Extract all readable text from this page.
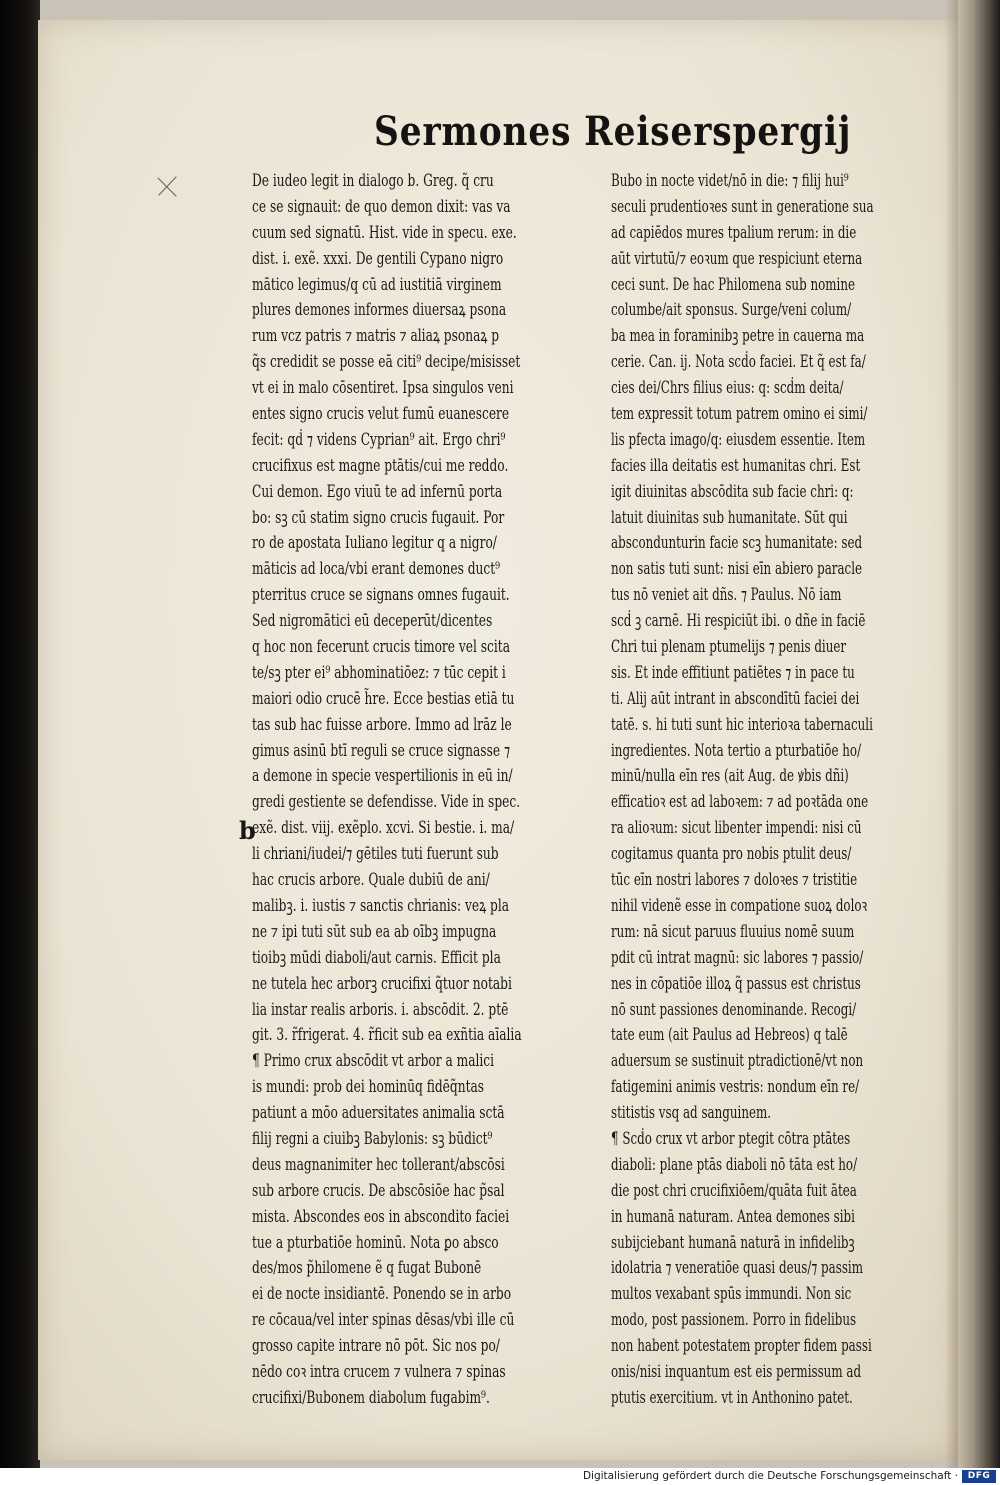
Sermones Reiserspergij
b
De iudeo legit in dialogo b. Greg. q̃ cru
ce se signauit: de quo demon dixit: vas va
cuum sed signatū. Hist. vide in specu. exe.
dist. i. exẽ. xxxi. De gentili Cypano nigro
mātico legimus/q cū ad iustitiā virginem
plures demones informes diuersaꝝ psona
rum vcz patris ⁊ matris ⁊ aliaꝝ psonaꝝ p
q̃s credidit se posse eā citi⁹ decipe/misisset
vt ei in malo cōsentiret. Ipsa singulos veni
entes signo crucis velut fumū euanescere
fecit: qḋ ⁊ videns Cyprian⁹ ait. Ergo chri⁹
crucifixus est magne ptātis/cui me reddo.
Cui demon. Ego viuū te ad infernū porta
bo: sꝫ cū statim signo crucis fugauit. Por
ro de apostata Iuliano legitur q a nigro/
māticis ad loca/vbi erant demones duct⁹
pterritus cruce se signans omnes fugauit.
Sed nigromātici eū deceperūt/dicentes
q hoc non fecerunt crucis timore vel scita
te/sꝫ pter ei⁹ abhominatiōez: ⁊ tūc cepit i
maiori odio crucē h̃re. Ecce bestias etiā tu
tas sub hac fuisse arbore. Immo ad lrāz le
gimus asinū btī reguli se cruce signasse ⁊
a demone in specie vespertilionis in eū in/
gredi gestiente se defendisse. Vide in spec.
exẽ. dist. viij. exẽplo. xcvi. Si bestie. i. ma/
li chriani/iudei/⁊ gētiles tuti fuerunt sub
hac crucis arbore. Quale dubiū de ani/
malibꝫ. i. iustis ⁊ sanctis chrianis: veꝝ pla
ne ⁊ ipi tuti sūt sub ea ab oībꝫ impugna
tioibꝫ mūdi diaboli/aut carnis. Efficit pla
ne tutela hec arborꝫ crucifixi q̃tuor notabi
lia instar realis arboris. i. abscōdit. 2. ptē
git. 3. r̃frigerat. 4. r̃ficit sub ea exñtia aīalia
¶ Primo crux abscōdit vt arbor a malici
is mundi: prob dei hominūq fidēq̃ntas
patiunt a mōo aduersitates animalia sctā
filij regni a ciuibꝫ Babylonis: sꝫ būdict⁹
deus magnanimiter hec tollerant/abscōsi
sub arbore crucis. De abscōsiōe hac p̃sal
mista. Abscondes eos in abscondito faciei
tue a pturbatiōe hominū. Nota ꝑo absco
des/mos p̃hilomene ẽ q fugat Bubonē
ei de nocte insidiantē. Ponendo se in arbo
re cōcaua/vel inter spinas dēsas/vbi ille cū
grosso capite intrare nō pōt. Sic nos po/
nēdo coꝛ intra crucem ⁊ vulnera ⁊ spinas
crucifixi/Bubonem diabolum fugabim⁹.
Bubo in nocte videt/nō in die: ⁊ filij hui⁹
seculi prudentioꝛes sunt in generatione sua
ad capiēdos mures tpalium rerum: in die
aūt virtutū/⁊ eoꝛum que respiciunt eterna
ceci sunt. De hac Philomena sub nomine
columbe/ait sponsus. Surge/veni colum/
ba mea in foraminibꝫ petre in cauerna ma
cerie. Can. ij. Nota scḋo faciei. Et q̃ est fa/
cies dei/Chrs filius eius: q: scḋm deita/
tem expressit totum patrem omino ei simi/
lis pfecta imago/q: eiusdem essentie. Item
facies illa deitatis est humanitas chri. Est
igit diuinitas abscōdita sub facie chri: q:
latuit diuinitas sub humanitate. Sūt qui
abscondunturin facie scꝫ humanitate: sed
non satis tuti sunt: nisi eīn abiero paracle
tus nō veniet ait dñs. ⁊ Paulus. Nō iam
scḋ ꝫ carnē. Hi respiciūt ibi. o dñe in faciē
Chri tui plenam ptumelijs ⁊ penis diuer
sis. Et inde effitiunt patiētes ⁊ in pace tu
ti. Alij aūt intrant in abscondītū faciei dei
tatē. s. hi tuti sunt hic interioꝛa tabernaculi
ingredientes. Nota tertio a pturbatiōe ho/
minū/nulla eīn res (ait Aug. de ꝟbis dñi)
efficatioꝛ est ad laboꝛem: ⁊ ad poꝛtāda one
ra alioꝛum: sicut libenter impendi: nisi cū
cogitamus quanta pro nobis ptulit deus/
tūc eīn nostri labores ⁊ doloꝛes ⁊ tristitie
nihil videnẽ esse in compatione suoꝝ doloꝛ
rum: nā sicut paruus fluuius nomē suum
pdit cū intrat magnū: sic labores ⁊ passio/
nes in cōpatiōe illoꝝ q̃ passus est christus
nō sunt passiones denominande. Recogi/
tate eum (ait Paulus ad Hebreos) q talē
aduersum se sustinuit ptradictionē/vt non
fatigemini animis vestris: nondum eīn re/
stitistis vsq ad sanguinem.
¶ Scḋo crux vt arbor ptegit cōtra ptātes
diaboli: plane ptās diaboli nō tāta est ho/
die post chri crucifixiōem/quāta fuit ātea
in humanā naturam. Antea demones sibi
subijciebant humanā naturā in infidelibꝫ
idolatria ⁊ veneratiōe quasi deus/⁊ passim
multos vexabant spūs immundi. Non sic
modo, post passionem. Porro in fidelibus
non habent potestatem propter fidem passi
onis/nisi inquantum est eis permissum ad
ptutis exercitium. vt in Anthonino patet.
Digitalisierung gefördert durch die Deutsche Forschungsgemeinschaft ·	DFG
